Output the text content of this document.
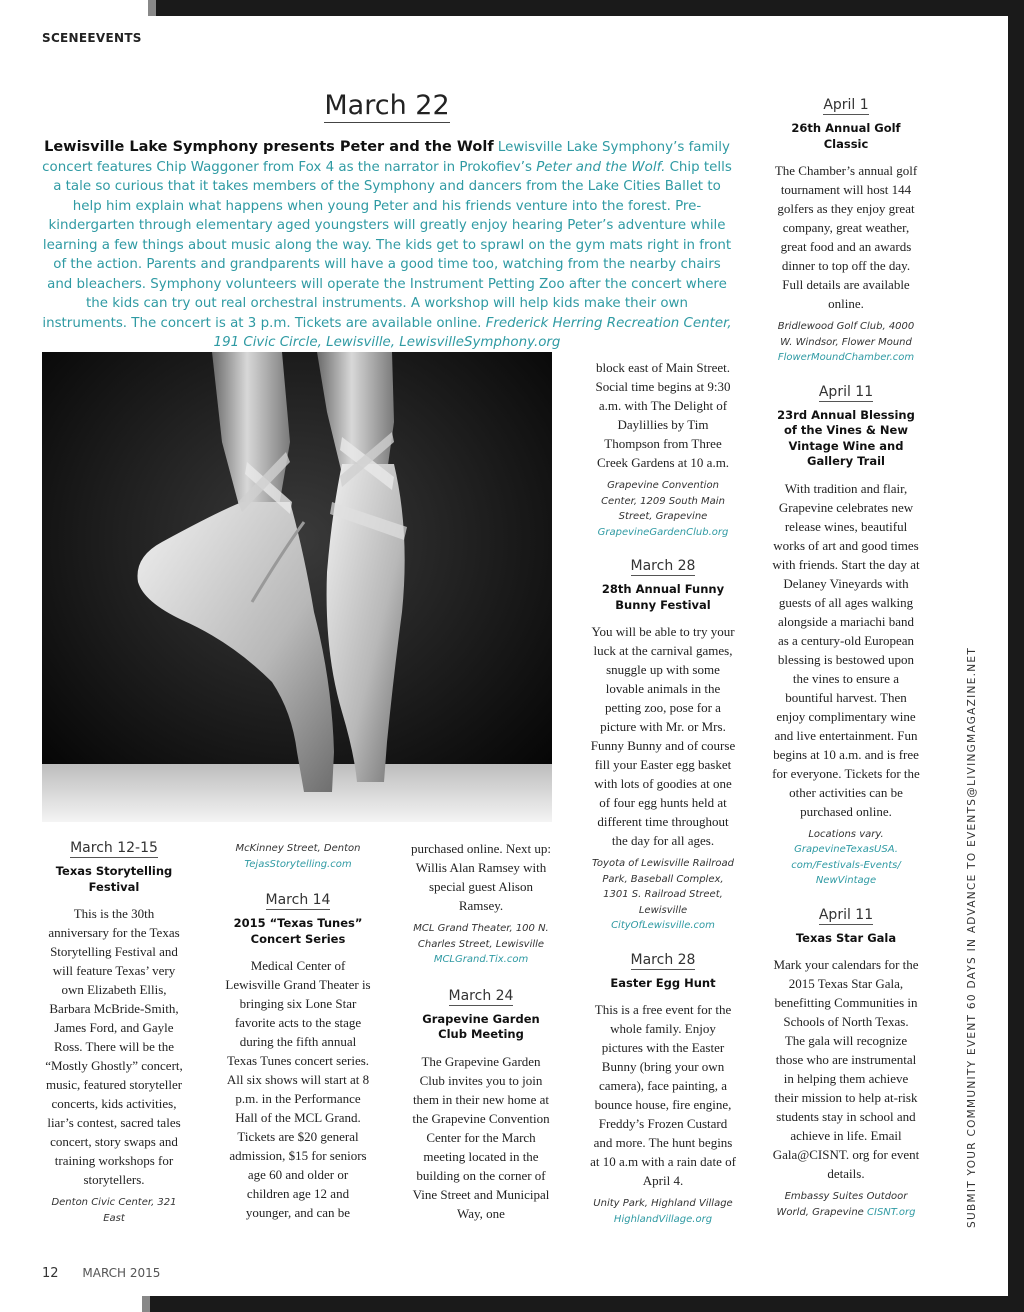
SCENEEVENTS
March 22
Lewisville Lake Symphony presents Peter and the Wolf Lewisville Lake Symphony’s family concert features Chip Waggoner from Fox 4 as the narrator in Prokofiev’s Peter and the Wolf. Chip tells a tale so curious that it takes members of the Symphony and dancers from the Lake Cities Ballet to help him explain what happens when young Peter and his friends venture into the forest. Pre-kindergarten through elementary aged youngsters will greatly enjoy hearing Peter’s adventure while learning a few things about music along the way. The kids get to sprawl on the gym mats right in front of the action. Parents and grandparents will have a good time too, watching from the nearby chairs and bleachers. Symphony volunteers will operate the Instrument Petting Zoo after the concert where the kids can try out real orchestral instruments. A workshop will help kids make their own instruments. The concert is at 3 p.m. Tickets are available online. Frederick Herring Recreation Center, 191 Civic Circle, Lewisville, LewisvilleSymphony.org
March 12-15
Texas Storytelling Festival
This is the 30th anniversary for the Texas Storytelling Festival and will feature Texas’ very own Elizabeth Ellis, Barbara McBride-Smith, James Ford, and Gayle Ross. There will be the “Mostly Ghostly” concert, music, featured storyteller concerts, kids activities, liar’s contest, sacred tales concert, story swaps and training workshops for storytellers.
Denton Civic Center, 321 East
McKinney Street, Denton
TejasStorytelling.com
March 14
2015 “Texas Tunes” Concert Series
Medical Center of Lewisville Grand Theater is bringing six Lone Star favorite acts to the stage during the fifth annual Texas Tunes concert series. All six shows will start at 8 p.m. in the Performance Hall of the MCL Grand. Tickets are $20 general admission, $15 for seniors age 60 and older or children age 12 and younger, and can be
purchased online. Next up: Willis Alan Ramsey with special guest Alison Ramsey.
MCL Grand Theater, 100 N. Charles Street, Lewisville
MCLGrand.Tix.com
March 24
Grapevine Garden Club Meeting
The Grapevine Garden Club invites you to join them in their new home at the Grapevine Convention Center for the March meeting located in the building on the corner of Vine Street and Municipal Way, one
block east of Main Street. Social time begins at 9:30 a.m. with The Delight of Daylillies by Tim Thompson from Three Creek Gardens at 10 a.m.
Grapevine Convention Center, 1209 South Main Street, Grapevine
GrapevineGardenClub.org
March 28
28th Annual Funny Bunny Festival
You will be able to try your luck at the carnival games, snuggle up with some lovable animals in the petting zoo, pose for a picture with Mr. or Mrs. Funny Bunny and of course fill your Easter egg basket with lots of goodies at one of four egg hunts held at different time throughout the day for all ages.
Toyota of Lewisville Railroad Park, Baseball Complex, 1301 S. Railroad Street, Lewisville
CityOfLewisville.com
March 28
Easter Egg Hunt
This is a free event for the whole family. Enjoy pictures with the Easter Bunny (bring your own camera), face painting, a bounce house, fire engine, Freddy’s Frozen Custard and more. The hunt begins at 10 a.m with a rain date of April 4.
Unity Park, Highland Village
HighlandVillage.org
April 1
26th Annual Golf Classic
The Chamber’s annual golf tournament will host 144 golfers as they enjoy great company, great weather, great food and an awards dinner to top off the day. Full details are available online.
Bridlewood Golf Club, 4000 W. Windsor, Flower Mound
FlowerMoundChamber.com
April 11
23rd Annual Blessing of the Vines & New Vintage Wine and Gallery Trail
With tradition and flair, Grapevine celebrates new release wines, beautiful works of art and good times with friends. Start the day at Delaney Vineyards with guests of all ages walking alongside a mariachi band as a century-old European blessing is bestowed upon the vines to ensure a bountiful harvest. Then enjoy complimentary wine and live entertainment. Fun begins at 10 a.m. and is free for everyone. Tickets for the other activities can be purchased online.
Locations vary.
GrapevineTexasUSA. com/Festivals-Events/ NewVintage
April 11
Texas Star Gala
Mark your calendars for the 2015 Texas Star Gala, benefitting Communities in Schools of North Texas. The gala will recognize those who are instrumental in helping them achieve their mission to help at-risk students stay in school and achieve in life. Email Gala@CISNT. org for event details.
Embassy Suites Outdoor World, Grapevine CISNT.org	SUBMIT YOUR COMMUNITY EVENT 60 DAYS IN ADVANCE TO EVENTS@LIVINGMAGAZINE.NET
12 MARCH 2015
